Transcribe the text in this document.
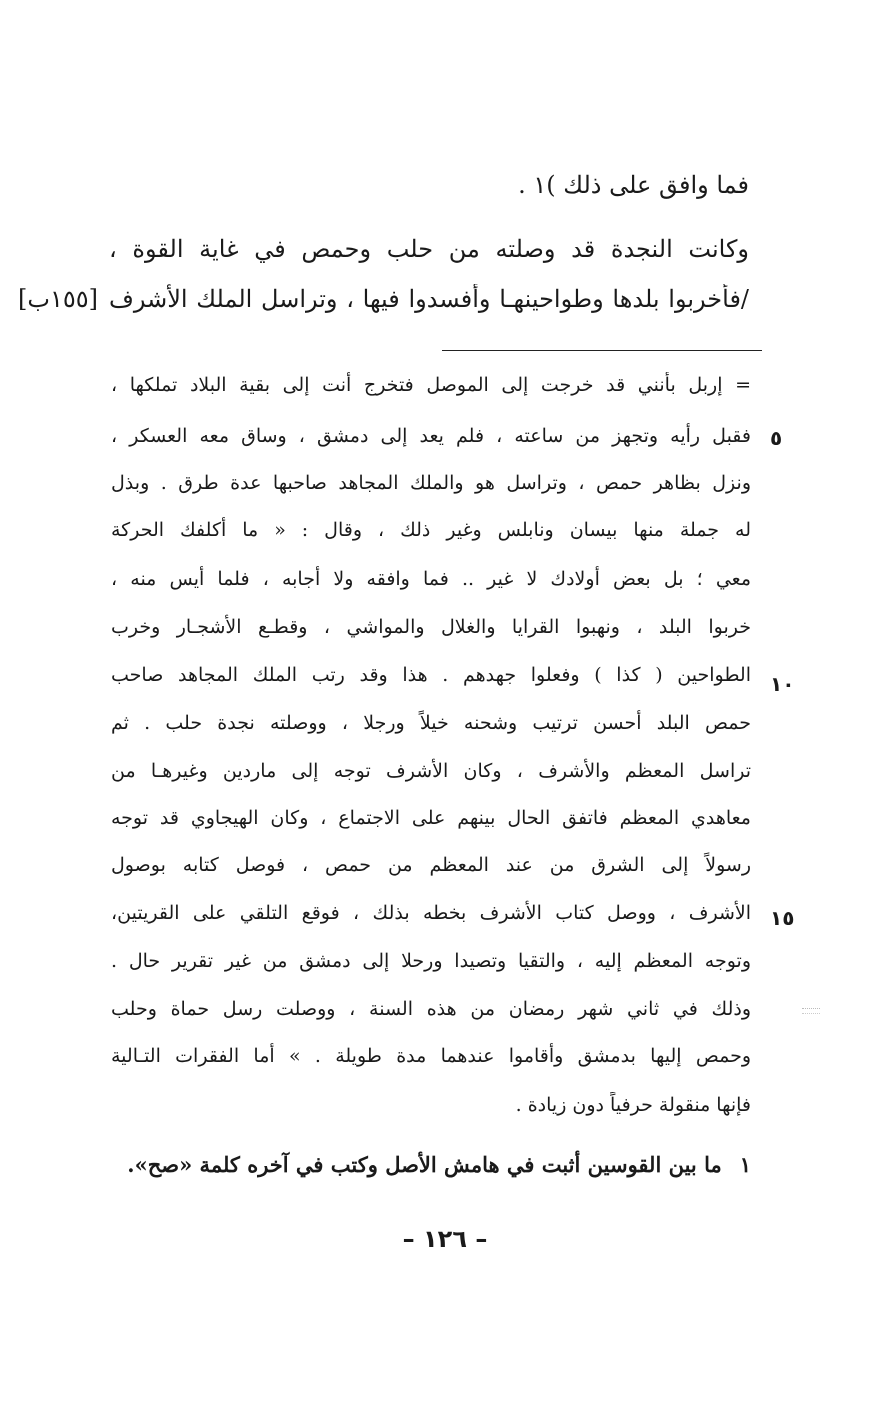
فما وافق على ذلك )١ .
وكانت النجدة قد وصلته من حلب وحمص في غاية القوة ،
/فأخربوا بلدها وطواحينهـا وأفسدوا فيها ، وتراسل الملك الأشرف
[١٥٥ب]
= إربل بأنني قد خرجت إلى الموصل فتخرج أنت إلى بقية البلاد تملكها ،
فقبل رأيه وتجهز من ساعته ، فلم يعد إلى دمشق ، وساق معه العسكر ،
ونزل بظاهر حمص ، وتراسل هو والملك المجاهد صاحبها عدة طرق . وبذل
له جملة منها بيسان ونابلس وغير ذلك ، وقال : « ما أكلفك الحركة
معي ؛ بل بعض أولادك لا غير .. فما وافقه ولا أجابه ، فلما أيس منه ،
خربوا البلد ، ونهبوا القرايا والغلال والمواشي ، وقطـع الأشجـار وخرب
الطواحين ( كذا ) وفعلوا جهدهم . هذا وقد رتب الملك المجاهد صاحب
حمص البلد أحسن ترتيب وشحنه خيلاً ورجلا ، ووصلته نجدة حلب . ثم
تراسل المعظم والأشرف ، وكان الأشرف توجه إلى ماردين وغيرهـا من
معاهدي المعظم فاتفق الحال بينهم على الاجتماع ، وكان الهيجاوي قد توجه
رسولاً إلى الشرق من عند المعظم من حمص ، فوصل كتابه بوصول
الأشرف ، ووصل كتاب الأشرف بخطه بذلك ، فوقع التلقي على القريتين،
وتوجه المعظم إليه ، والتقيا وتصيدا ورحلا إلى دمشق من غير تقرير حال .
وذلك في ثاني شهر رمضان من هذه السنة ، ووصلت رسل حماة وحلب
وحمص إليها بدمشق وأقاموا عندهما مدة طويلة . » أما الفقرات التـالية
فإنها منقولة حرفياً دون زيادة .
٥
١٠
١٥
١ما بين القوسين أثبت في هامش الأصل وكتب في آخره كلمة «صح».
– ١٢٦ –
